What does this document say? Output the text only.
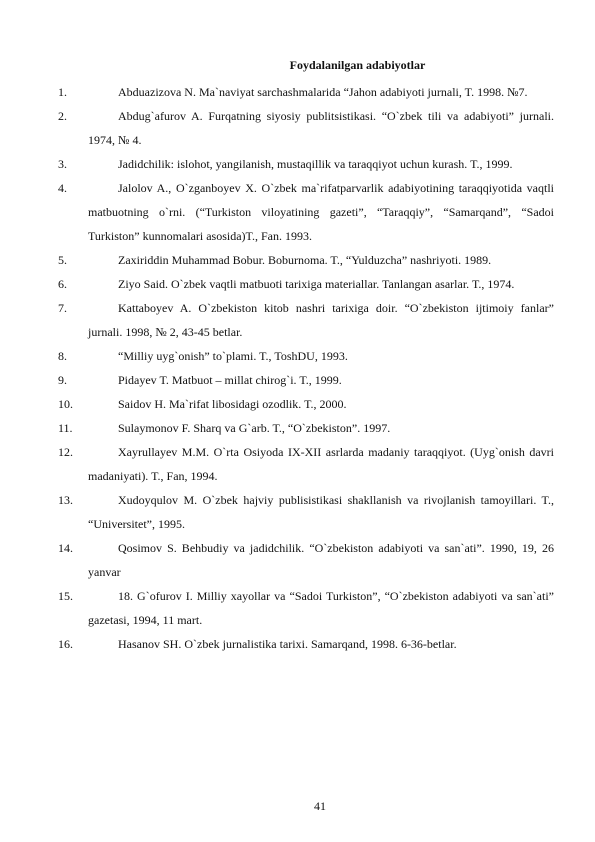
Foydalanilgan adabiyotlar
1.	Abduazizova N. Ma`naviyat sarchashmalarida “Jahon adabiyoti jurnali, T. 1998. №7.
2.	Abdug`afurov A. Furqatning siyosiy publitsistikasi. “O`zbek tili va adabiyoti” jurnali. 1974, № 4.
3.	Jadidchilik: islohot, yangilanish, mustaqillik va taraqqiyot uchun kurash. T., 1999.
4.	Jalolov A., O`zganboyev X. O`zbek ma`rifatparvarlik adabiyotining taraqqiyotida vaqtli matbuotning o`rni. (“Turkiston viloyatining gazeti”, “Taraqqiy”, “Samarqand”, “Sadoi Turkiston” kunnomalari asosida)T., Fan. 1993.
5.	Zaxiriddin Muhammad Bobur. Boburnoma. T., “Yulduzcha” nashriyoti. 1989.
6.	Ziyo Said. O`zbek vaqtli matbuoti tarixiga materiallar. Tanlangan asarlar. T., 1974.
7.	Kattaboyev A. O`zbekiston kitob nashri tarixiga doir. “O`zbekiston ijtimoiy fanlar” jurnali. 1998, № 2, 43-45 betlar.
8.	“Milliy uyg`onish” to`plami. T., ToshDU, 1993.
9.	Pidayev T. Matbuot – millat chirog`i. T., 1999.
10.	Saidov H. Ma`rifat libosidagi ozodlik. T., 2000.
11.	Sulaymonov F. Sharq va G`arb. T., “O`zbekiston”. 1997.
12.	Xayrullayev M.M. O`rta Osiyoda IX-XII asrlarda madaniy taraqqiyot. (Uyg`onish davri madaniyati). T., Fan, 1994.
13.	Xudoyqulov M. O`zbek hajviy publisistikasi shakllanish va rivojlanish tamoyillari. T., “Universitet”, 1995.
14.	Qosimov S. Behbudiy va jadidchilik. “O`zbekiston adabiyoti va san`ati”. 1990, 19, 26 yanvar
15.	18. G`ofurov I. Milliy xayollar va “Sadoi Turkiston”, “O`zbekiston adabiyoti va san`ati” gazetasi, 1994, 11 mart.
16.	Hasanov SH. O`zbek jurnalistika tarixi. Samarqand, 1998. 6-36-betlar.
41
